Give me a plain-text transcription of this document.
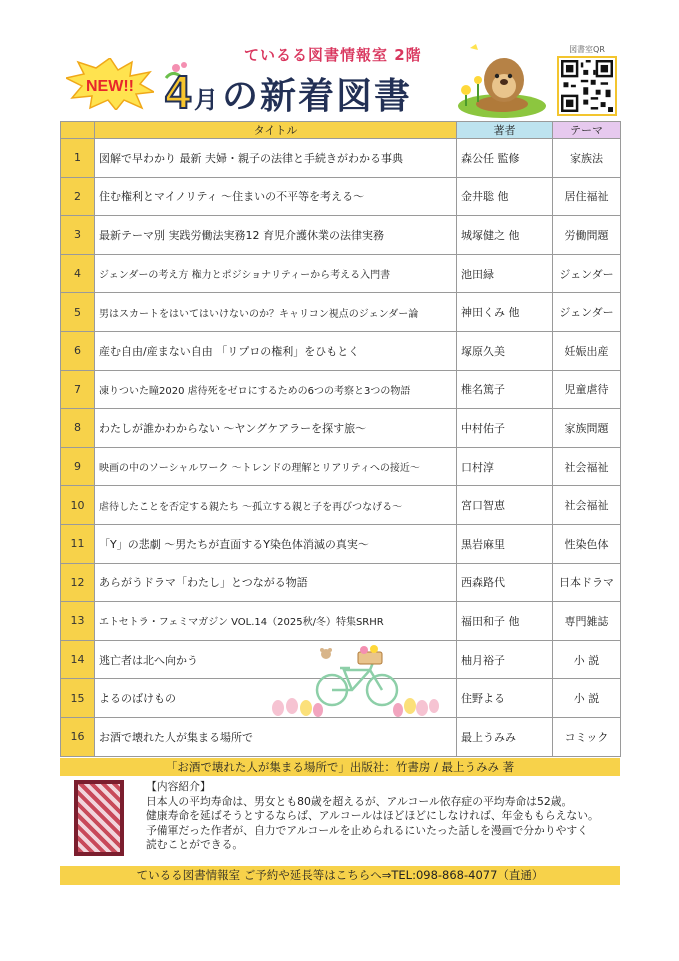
NEW!!
ているる図書情報室 2階
4 月 の新着図書
図書室QR
	タイトル	著者	テーマ
1	図解で早わかり 最新 夫婦・親子の法律と手続きがわかる事典	森公任 監修	家族法
2	住む権利とマイノリティ ～住まいの不平等を考える～	金井聡 他	居住福祉
3	最新テーマ別 実践労働法実務12 育児介護休業の法律実務	城塚健之 他	労働問題
4	ジェンダーの考え方 権力とポジショナリティーから考える入門書	池田緑	ジェンダー
5	男はスカートをはいてはいけないのか？キャリコン視点のジェンダー論	神田くみ 他	ジェンダー
6	産む自由/産まない自由 「リプロの権利」をひもとく	塚原久美	妊娠出産
7	凍りついた瞳2020 虐待死をゼロにするための6つの考察と3つの物語	椎名篤子	児童虐待
8	わたしが誰かわからない ～ヤングケアラーを探す旅～	中村佑子	家族問題
9	映画の中のソーシャルワーク ～トレンドの理解とリアリティへの接近～	口村淳	社会福祉
10	虐待したことを否定する親たち ～孤立する親と子を再びつなげる～	宮口智恵	社会福祉
11	「Y」の悲劇 ～男たちが直面するY染色体消滅の真実～	黒岩麻里	性染色体
12	あらがうドラマ「わたし」とつながる物語	西森路代	日本ドラマ
13	エトセトラ・フェミマガジン VOL.14（2025秋/冬）特集SRHR	福田和子 他	専門雑誌
14	逃亡者は北へ向かう	柚月裕子	小 説
15	よるのばけもの	住野よる	小 説
16	お酒で壊れた人が集まる場所で	最上うみみ	コミック
「お酒で壊れた人が集まる場所で」出版社：竹書房 / 最上うみみ 著
【内容紹介】
日本人の平均寿命は、男女とも80歳を超えるが、アルコール依存症の平均寿命は52歳。
健康寿命を延ばそうとするならば、アルコールはほどほどにしなければ、年金ももらえない。
予備軍だった作者が、自力でアルコールを止められるにいたった話しを漫画で分かりやすく
読むことができる。
ているる図書情報室 ご予約や延長等はこちらへ⇒TEL:098-868-4077（直通）
